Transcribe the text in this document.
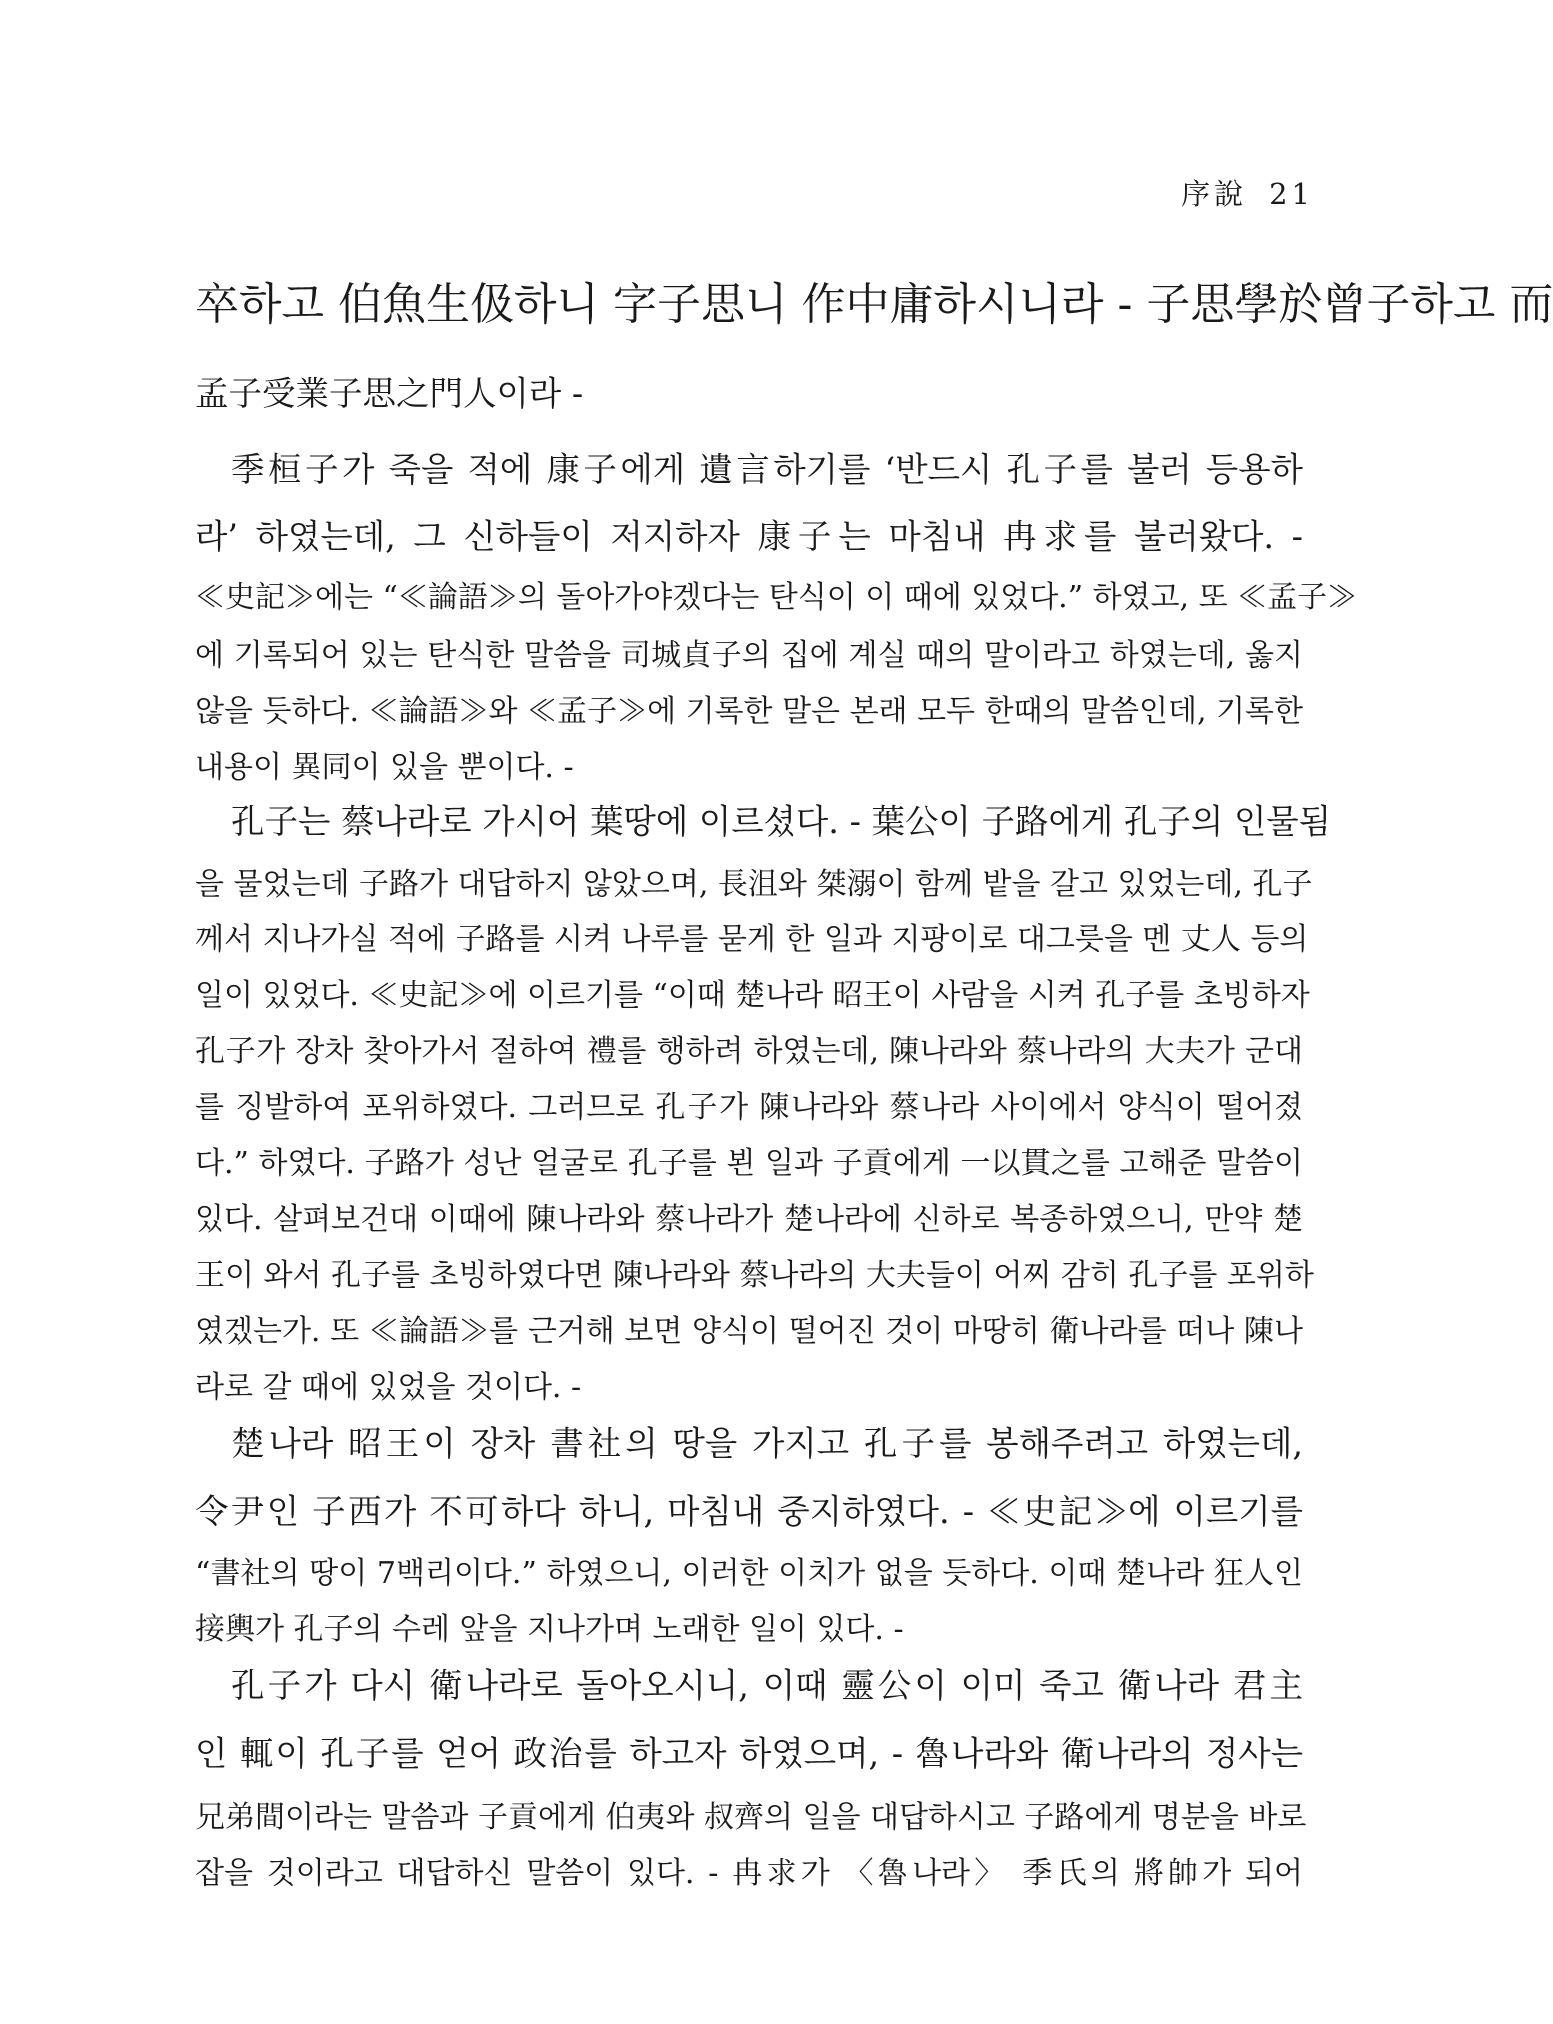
序說 21
卒하고 伯魚生伋하니 字子思니 作中庸하시니라 - 子思學於曾子하고 而
孟子受業子思之門人이라 -
季桓子가 죽을 적에 康子에게 遺言하기를 ‘반드시 孔子를 불러 등용하
라’ 하였는데, 그 신하들이 저지하자 康子는 마침내 冉求를 불러왔다. -
≪史記≫에는 “≪論語≫의 돌아가야겠다는 탄식이 이 때에 있었다.” 하였고, 또 ≪孟子≫
에 기록되어 있는 탄식한 말씀을 司城貞子의 집에 계실 때의 말이라고 하였는데, 옳지
않을 듯하다. ≪論語≫와 ≪孟子≫에 기록한 말은 본래 모두 한때의 말씀인데, 기록한
내용이 異同이 있을 뿐이다. -
孔子는 蔡나라로 가시어 葉땅에 이르셨다. - 葉公이 子路에게 孔子의 인물됨
을 물었는데 子路가 대답하지 않았으며, 長沮와 桀溺이 함께 밭을 갈고 있었는데, 孔子
께서 지나가실 적에 子路를 시켜 나루를 묻게 한 일과 지팡이로 대그릇을 멘 丈人 등의
일이 있었다. ≪史記≫에 이르기를 “이때 楚나라 昭王이 사람을 시켜 孔子를 초빙하자
孔子가 장차 찾아가서 절하여 禮를 행하려 하였는데, 陳나라와 蔡나라의 大夫가 군대
를 징발하여 포위하였다. 그러므로 孔子가 陳나라와 蔡나라 사이에서 양식이 떨어졌
다.” 하였다. 子路가 성난 얼굴로 孔子를 뵌 일과 子貢에게 一以貫之를 고해준 말씀이
있다. 살펴보건대 이때에 陳나라와 蔡나라가 楚나라에 신하로 복종하였으니, 만약 楚
王이 와서 孔子를 초빙하였다면 陳나라와 蔡나라의 大夫들이 어찌 감히 孔子를 포위하
였겠는가. 또 ≪論語≫를 근거해 보면 양식이 떨어진 것이 마땅히 衛나라를 떠나 陳나
라로 갈 때에 있었을 것이다. -
楚나라 昭王이 장차 書社의 땅을 가지고 孔子를 봉해주려고 하였는데,
令尹인 子西가 不可하다 하니, 마침내 중지하였다. - ≪史記≫에 이르기를
“書社의 땅이 7백리이다.” 하였으니, 이러한 이치가 없을 듯하다. 이때 楚나라 狂人인
接輿가 孔子의 수레 앞을 지나가며 노래한 일이 있다. -
孔子가 다시 衛나라로 돌아오시니, 이때 靈公이 이미 죽고 衛나라 君主
인 輒이 孔子를 얻어 政治를 하고자 하였으며, - 魯나라와 衛나라의 정사는
兄弟間이라는 말씀과 子貢에게 伯夷와 叔齊의 일을 대답하시고 子路에게 명분을 바로
잡을 것이라고 대답하신 말씀이 있다. - 冉求가 〈魯나라〉 季氏의 將帥가 되어
